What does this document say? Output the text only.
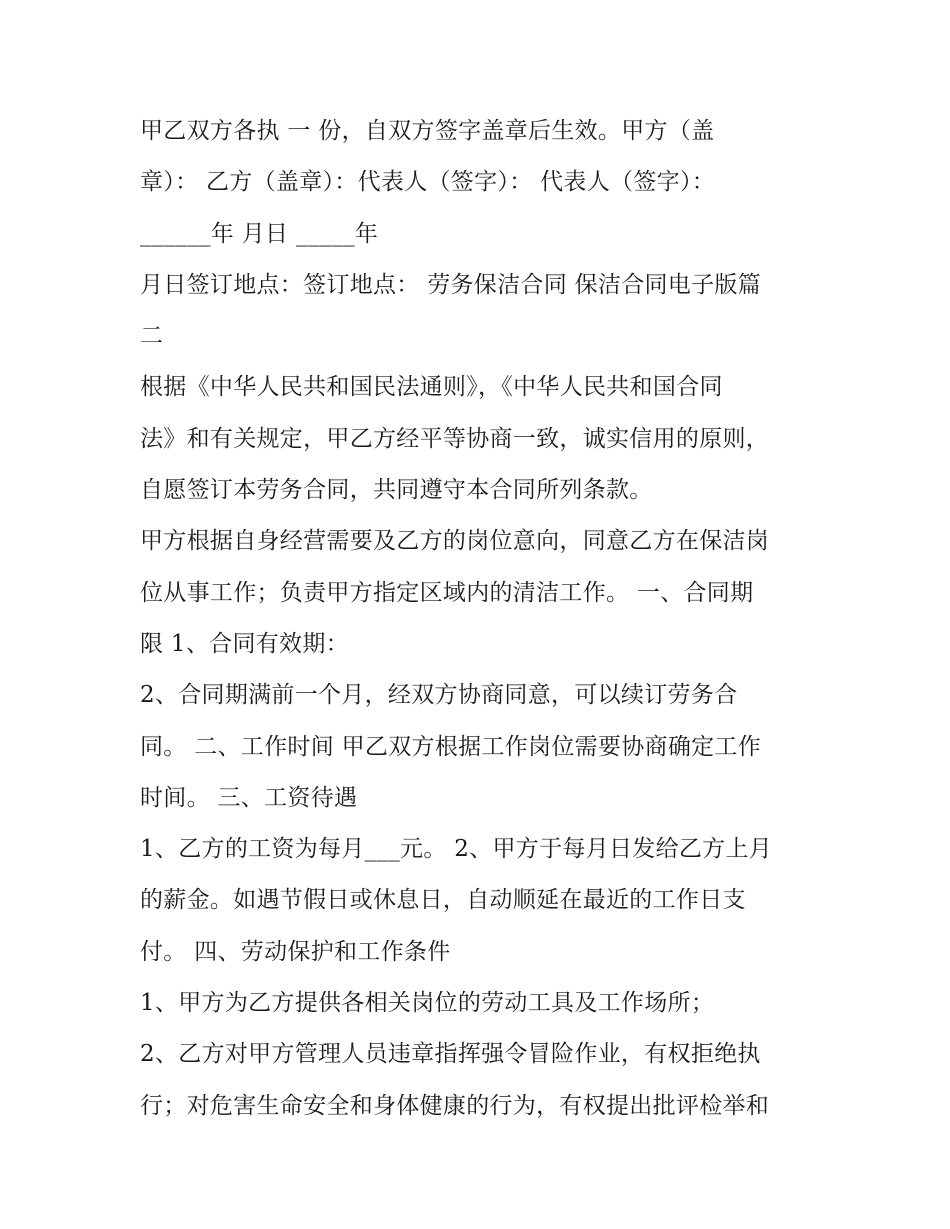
甲乙双方各执 一 份，自双方签字盖章后生效。甲方（盖
章）： 乙方（盖章）：代表人（签字）： 代表人（签字）：
______年 月日 _____年
月日签订地点：签订地点： 劳务保洁合同 保洁合同电子版篇
二
根据《中华人民共和国民法通则》，《中华人民共和国合同
法》和有关规定，甲乙方经平等协商一致，诚实信用的原则，
自愿签订本劳务合同，共同遵守本合同所列条款。
甲方根据自身经营需要及乙方的岗位意向，同意乙方在保洁岗
位从事工作；负责甲方指定区域内的清洁工作。 一、合同期
限 1、合同有效期：
2、合同期满前一个月，经双方协商同意，可以续订劳务合
同。 二、工作时间 甲乙双方根据工作岗位需要协商确定工作
时间。 三、工资待遇
1、乙方的工资为每月___元。 2、甲方于每月日发给乙方上月
的薪金。如遇节假日或休息日，自动顺延在最近的工作日支
付。 四、劳动保护和工作条件
1、甲方为乙方提供各相关岗位的劳动工具及工作场所；
2、乙方对甲方管理人员违章指挥强令冒险作业，有权拒绝执
行；对危害生命安全和身体健康的行为，有权提出批评检举和
